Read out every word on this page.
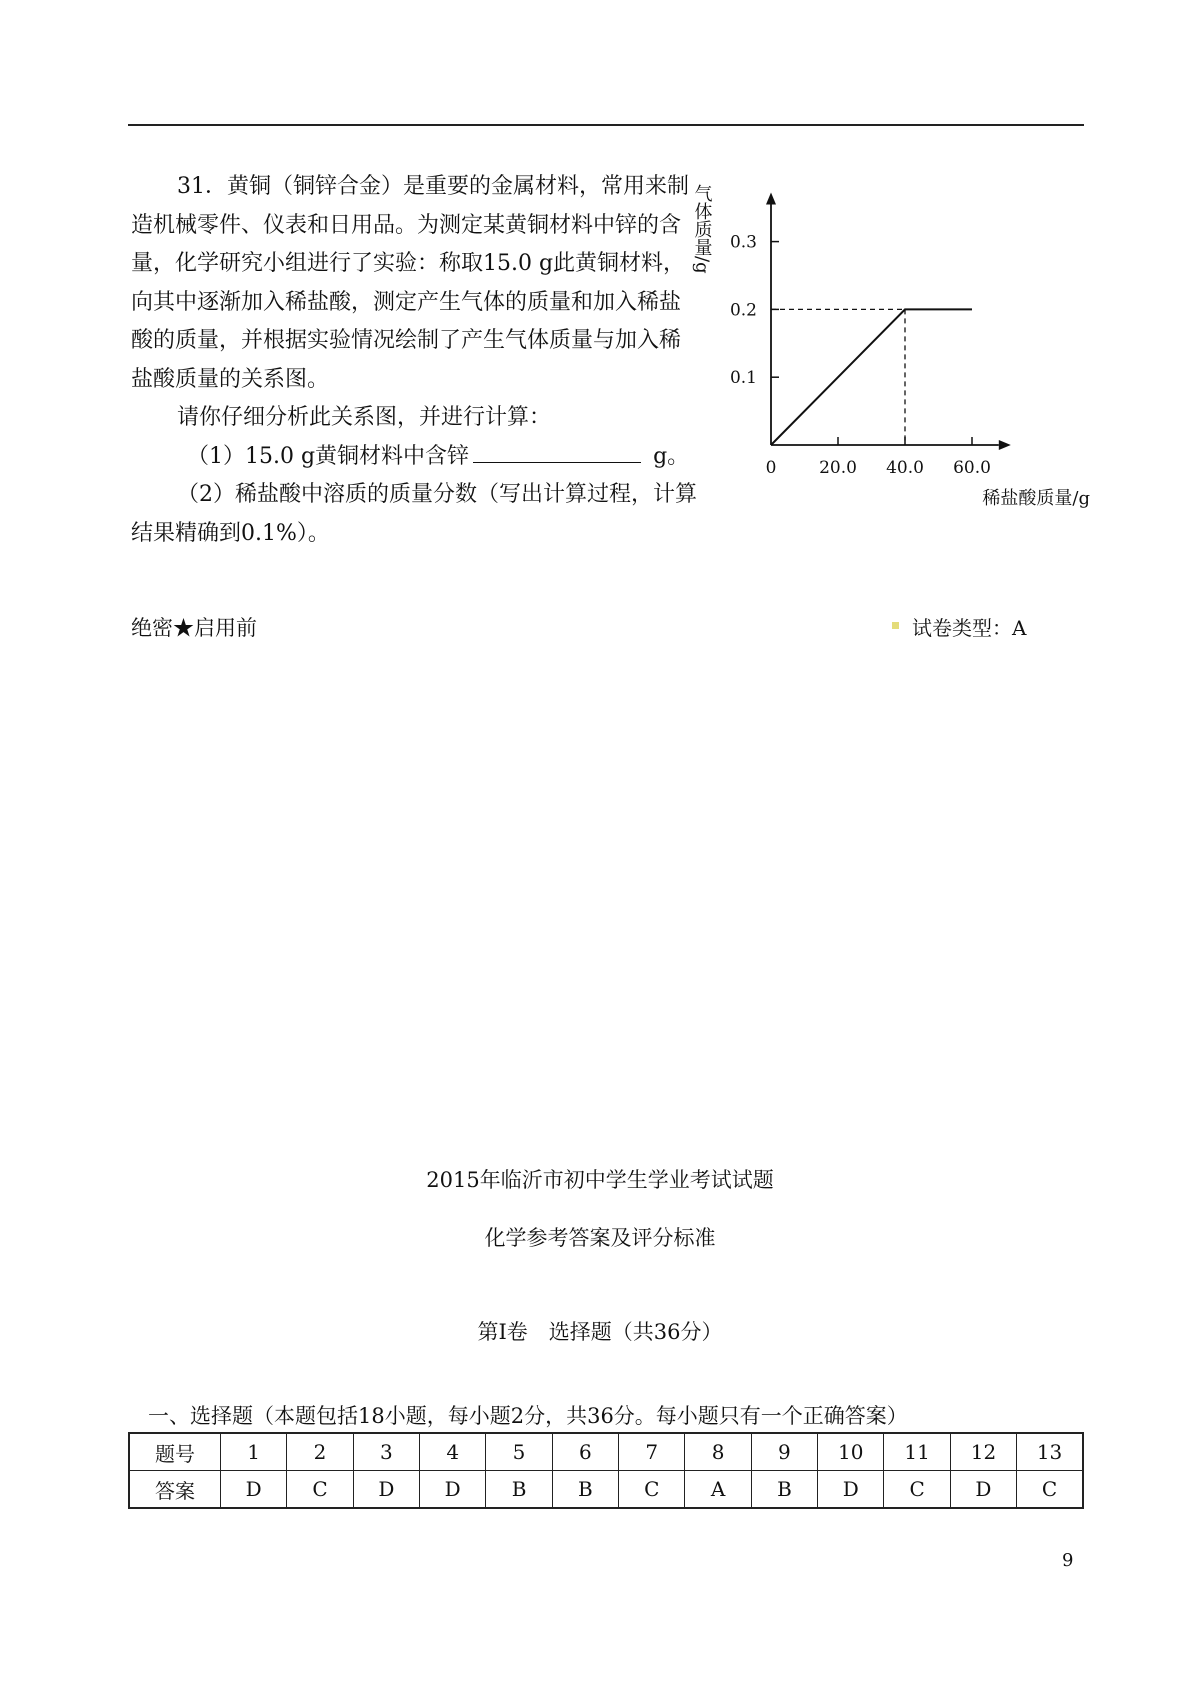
31．黄铜（铜锌合金）是重要的金属材料，常用来制造机械零件、仪表和日用品。为测定某黄铜材料中锌的含量，化学研究小组进行了实验：称取15.0 g此黄铜材料，向其中逐渐加入稀盐酸，测定产生气体的质量和加入稀盐酸的质量，并根据实验情况绘制了产生气体质量与加入稀盐酸质量的关系图。

请你仔细分析此关系图，并进行计算：

（1）15.0 g黄铜材料中含锌	g。

（2）稀盐酸中溶质的质量分数（写出计算过程，计算结果精确到0.1%）。

0	20.0 40.0 60.0
0.1
0.2
0.3
气体质量/g
稀盐酸质量/g
绝密★启用前	试卷类型：A
2015年临沂市初中学生学业考试试题
化学参考答案及评分标准
第Ⅰ卷　选择题（共36分）
一、选择题（本题包括18小题，每小题2分，共36分。每小题只有一个正确答案）
题号	1	2	3	4	5	6	7	8	9	10	11	12	13
答案	D	C	D	D	B	B	C	A	B	D	C	D	C
9
